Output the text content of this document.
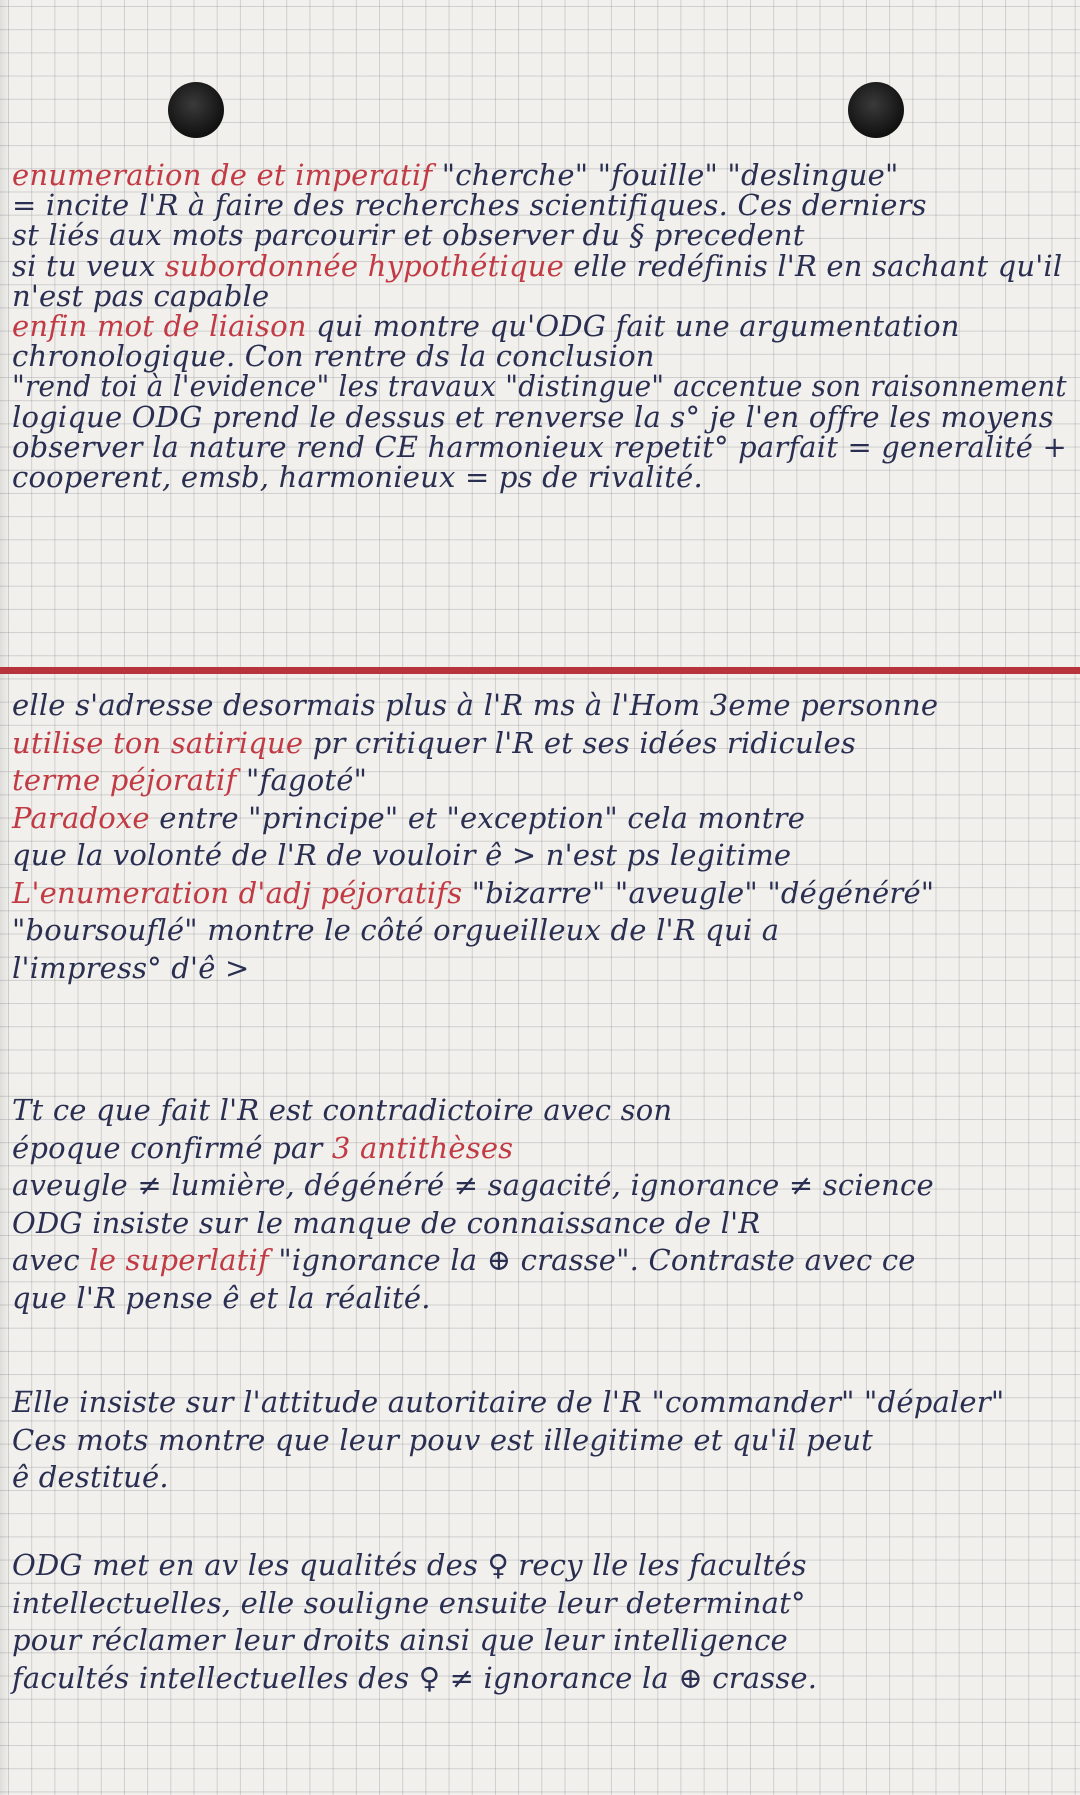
enumeration de et imperatif "cherche" "fouille" "deslingue"
= incite l'R à faire des recherches scientifiques. Ces derniers
st liés aux mots parcourir et observer du § precedent
si tu veux subordonnée hypothétique elle redéfinis l'R en sachant qu'il
n'est pas capable
enfin mot de liaison qui montre qu'ODG fait une argumentation
chronologique. Con rentre ds la conclusion
"rend toi à l'evidence" les travaux "distingue" accentue son raisonnement
logique ODG prend le dessus et renverse la s° je l'en offre les moyens
observer la nature rend CE harmonieux repetit° parfait = generalité +
cooperent, emsb, harmonieux = ps de rivalité.
elle s'adresse desormais plus à l'R ms à l'Hom 3eme personne
utilise ton satirique pr critiquer l'R et ses idées ridicules
terme péjoratif "fagoté"
Paradoxe entre "principe" et "exception" cela montre
que la volonté de l'R de vouloir ê > n'est ps legitime
L'enumeration d'adj péjoratifs "bizarre" "aveugle" "dégénéré"
"boursouflé" montre le côté orgueilleux de l'R qui a
l'impress° d'ê >
Tt ce que fait l'R est contradictoire avec son
époque confirmé par 3 antithèses
aveugle ≠ lumière, dégénéré ≠ sagacité, ignorance ≠ science
ODG insiste sur le manque de connaissance de l'R
avec le superlatif "ignorance la ⊕ crasse". Contraste avec ce
que l'R pense ê et la réalité.
Elle insiste sur l'attitude autoritaire de l'R "commander" "dépaler"
Ces mots montre que leur pouv est illegitime et qu'il peut
ê destitué.
ODG met en av les qualités des ♀ recy lle les facultés
intellectuelles, elle souligne ensuite leur determinat°
pour réclamer leur droits ainsi que leur intelligence
facultés intellectuelles des ♀ ≠ ignorance la ⊕ crasse.
